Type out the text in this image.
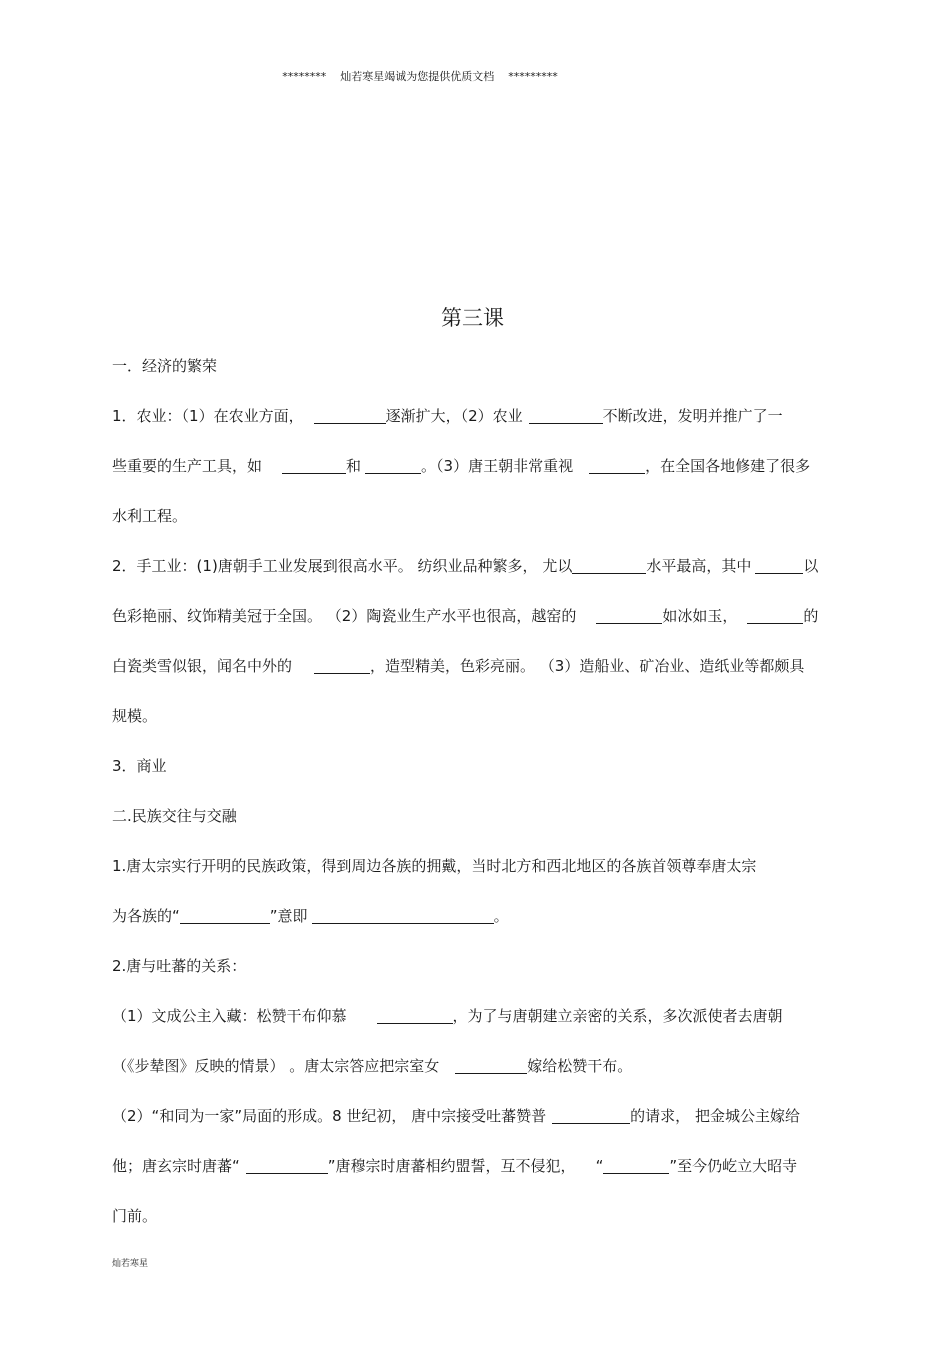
********    灿若寒星竭诚为您提供优质文档    *********
第三课
一．经济的繁荣
1．农业：（1）在农业方面，	逐渐扩大，（2）农业	不断改进，发明并推广了一
些重要的生产工具，如	和	。（3）唐王朝非常重视	，在全国各地修建了很多
水利工程。
2．手工业：(1)唐朝手工业发展到很高水平。 纺织业品种繁多， 尤以	水平最高，其中	以
色彩艳丽、纹饰精美冠于全国。 （2）陶瓷业生产水平也很高，越窑的	如冰如玉，	的
白瓷类雪似银，闻名中外的	，造型精美，色彩亮丽。 （3）造船业、矿冶业、造纸业等都颇具
规模。
3．商业
二.民族交往与交融
1.唐太宗实行开明的民族政策，得到周边各族的拥戴，当时北方和西北地区的各族首领尊奉唐太宗
为各族的“	”意即	。
2.唐与吐蕃的关系：
（1）文成公主入藏：松赞干布仰慕	，为了与唐朝建立亲密的关系，多次派使者去唐朝
（《步辇图》反映的情景） 。唐太宗答应把宗室女	嫁给松赞干布。
（2）“和同为一家”局面的形成。8 世纪初， 唐中宗接受吐蕃赞普	的请求， 把金城公主嫁给
他；唐玄宗时唐蕃“	”唐穆宗时唐蕃相约盟誓，互不侵犯， “	”至今仍屹立大昭寺
门前。
灿若寒星
